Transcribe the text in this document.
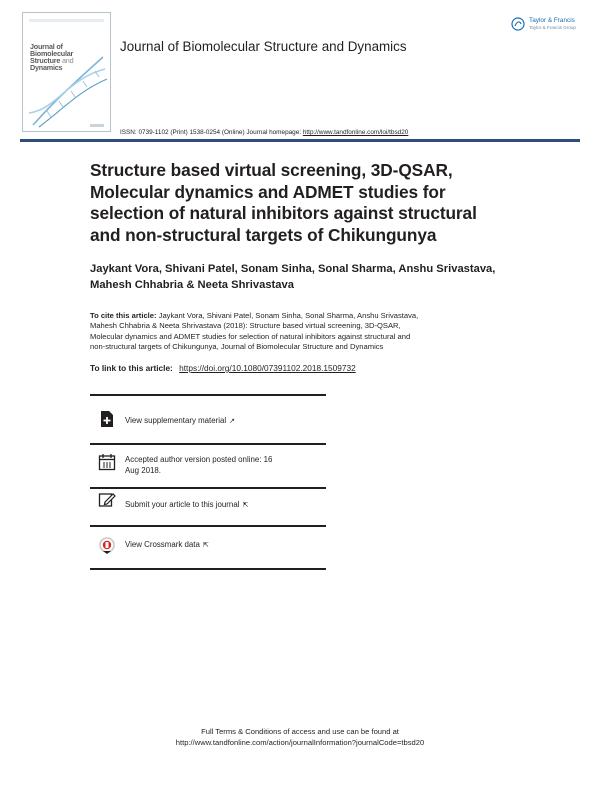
Journal of Biomolecular
Structure and Dynamics
Journal of Biomolecular Structure and Dynamics
Taylor & Francis
Taylor & Francis Group
ISSN: 0739-1102 (Print) 1538-0254 (Online) Journal homepage: http://www.tandfonline.com/loi/tbsd20
Structure based virtual screening, 3D-QSAR,
Molecular dynamics and ADMET studies for
selection of natural inhibitors against structural
and non-structural targets of Chikungunya
Jaykant Vora, Shivani Patel, Sonam Sinha, Sonal Sharma, Anshu Srivastava,
Mahesh Chhabria & Neeta Shrivastava
To cite this article: Jaykant Vora, Shivani Patel, Sonam Sinha, Sonal Sharma, Anshu Srivastava,
Mahesh Chhabria & Neeta Shrivastava (2018): Structure based virtual screening, 3D-QSAR,
Molecular dynamics and ADMET studies for selection of natural inhibitors against structural and
non-structural targets of Chikungunya, Journal of Biomolecular Structure and Dynamics
To link to this article: https://doi.org/10.1080/07391102.2018.1509732
View supplementary material ↗
Accepted author version posted online: 16
Aug 2018.
Submit your article to this journal ⇱
View Crossmark data ⇱
Full Terms & Conditions of access and use can be found at
http://www.tandfonline.com/action/journalInformation?journalCode=tbsd20
